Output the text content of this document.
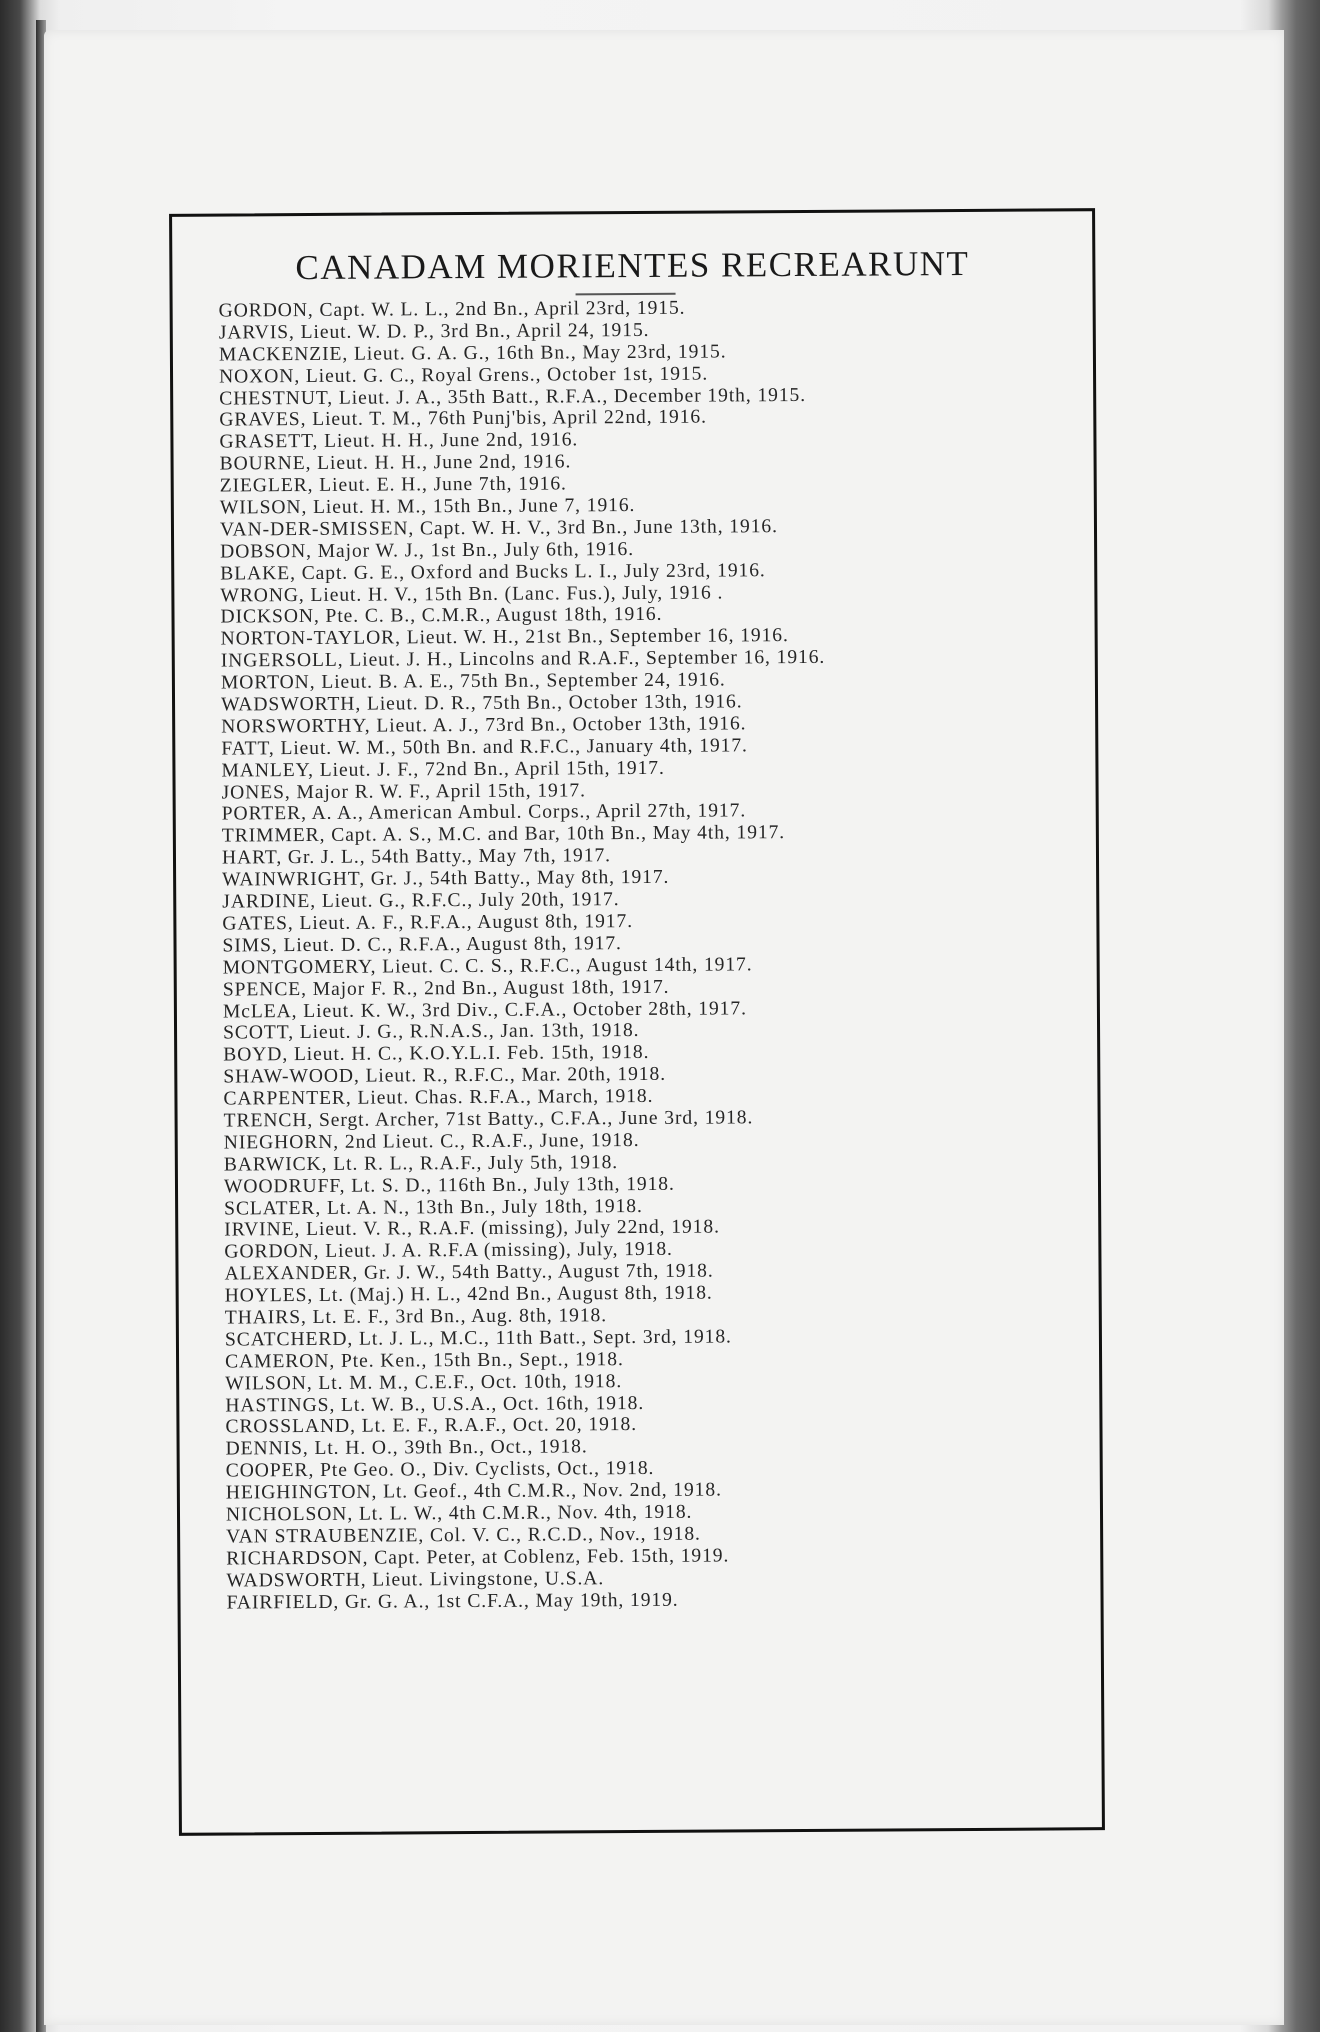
CANADAM MORIENTES RECREARUNT
GORDON, Capt. W. L. L., 2nd Bn., April 23rd, 1915.
JARVIS, Lieut. W. D. P., 3rd Bn., April 24, 1915.
MACKENZIE, Lieut. G. A. G., 16th Bn., May 23rd, 1915.
NOXON, Lieut. G. C., Royal Grens., October 1st, 1915.
CHESTNUT, Lieut. J. A., 35th Batt., R.F.A., December 19th, 1915.
GRAVES, Lieut. T. M., 76th Punj'bis, April 22nd, 1916.
GRASETT, Lieut. H. H., June 2nd, 1916.
BOURNE, Lieut. H. H., June 2nd, 1916.
ZIEGLER, Lieut. E. H., June 7th, 1916.
WILSON, Lieut. H. M., 15th Bn., June 7, 1916.
VAN-DER-SMISSEN, Capt. W. H. V., 3rd Bn., June 13th, 1916.
DOBSON, Major W. J., 1st Bn., July 6th, 1916.
BLAKE, Capt. G. E., Oxford and Bucks L. I., July 23rd, 1916.
WRONG, Lieut. H. V., 15th Bn. (Lanc. Fus.), July, 1916 .
DICKSON, Pte. C. B., C.M.R., August 18th, 1916.
NORTON-TAYLOR, Lieut. W. H., 21st Bn., September 16, 1916.
INGERSOLL, Lieut. J. H., Lincolns and R.A.F., September 16, 1916.
MORTON, Lieut. B. A. E., 75th Bn., September 24, 1916.
WADSWORTH, Lieut. D. R., 75th Bn., October 13th, 1916.
NORSWORTHY, Lieut. A. J., 73rd Bn., October 13th, 1916.
FATT, Lieut. W. M., 50th Bn. and R.F.C., January 4th, 1917.
MANLEY, Lieut. J. F., 72nd Bn., April 15th, 1917.
JONES, Major R. W. F., April 15th, 1917.
PORTER, A. A., American Ambul. Corps., April 27th, 1917.
TRIMMER, Capt. A. S., M.C. and Bar, 10th Bn., May 4th, 1917.
HART, Gr. J. L., 54th Batty., May 7th, 1917.
WAINWRIGHT, Gr. J., 54th Batty., May 8th, 1917.
JARDINE, Lieut. G., R.F.C., July 20th, 1917.
GATES, Lieut. A. F., R.F.A., August 8th, 1917.
SIMS, Lieut. D. C., R.F.A., August 8th, 1917.
MONTGOMERY, Lieut. C. C. S., R.F.C., August 14th, 1917.
SPENCE, Major F. R., 2nd Bn., August 18th, 1917.
McLEA, Lieut. K. W., 3rd Div., C.F.A., October 28th, 1917.
SCOTT, Lieut. J. G., R.N.A.S., Jan. 13th, 1918.
BOYD, Lieut. H. C., K.O.Y.L.I. Feb. 15th, 1918.
SHAW-WOOD, Lieut. R., R.F.C., Mar. 20th, 1918.
CARPENTER, Lieut. Chas. R.F.A., March, 1918.
TRENCH, Sergt. Archer, 71st Batty., C.F.A., June 3rd, 1918.
NIEGHORN, 2nd Lieut. C., R.A.F., June, 1918.
BARWICK, Lt. R. L., R.A.F., July 5th, 1918.
WOODRUFF, Lt. S. D., 116th Bn., July 13th, 1918.
SCLATER, Lt. A. N., 13th Bn., July 18th, 1918.
IRVINE, Lieut. V. R., R.A.F. (missing), July 22nd, 1918.
GORDON, Lieut. J. A. R.F.A (missing), July, 1918.
ALEXANDER, Gr. J. W., 54th Batty., August 7th, 1918.
HOYLES, Lt. (Maj.) H. L., 42nd Bn., August 8th, 1918.
THAIRS, Lt. E. F., 3rd Bn., Aug. 8th, 1918.
SCATCHERD, Lt. J. L., M.C., 11th Batt., Sept. 3rd, 1918.
CAMERON, Pte. Ken., 15th Bn., Sept., 1918.
WILSON, Lt. M. M., C.E.F., Oct. 10th, 1918.
HASTINGS, Lt. W. B., U.S.A., Oct. 16th, 1918.
CROSSLAND, Lt. E. F., R.A.F., Oct. 20, 1918.
DENNIS, Lt. H. O., 39th Bn., Oct., 1918.
COOPER, Pte Geo. O., Div. Cyclists, Oct., 1918.
HEIGHINGTON, Lt. Geof., 4th C.M.R., Nov. 2nd, 1918.
NICHOLSON, Lt. L. W., 4th C.M.R., Nov. 4th, 1918.
VAN STRAUBENZIE, Col. V. C., R.C.D., Nov., 1918.
RICHARDSON, Capt. Peter, at Coblenz, Feb. 15th, 1919.
WADSWORTH, Lieut. Livingstone, U.S.A.
FAIRFIELD, Gr. G. A., 1st C.F.A., May 19th, 1919.
